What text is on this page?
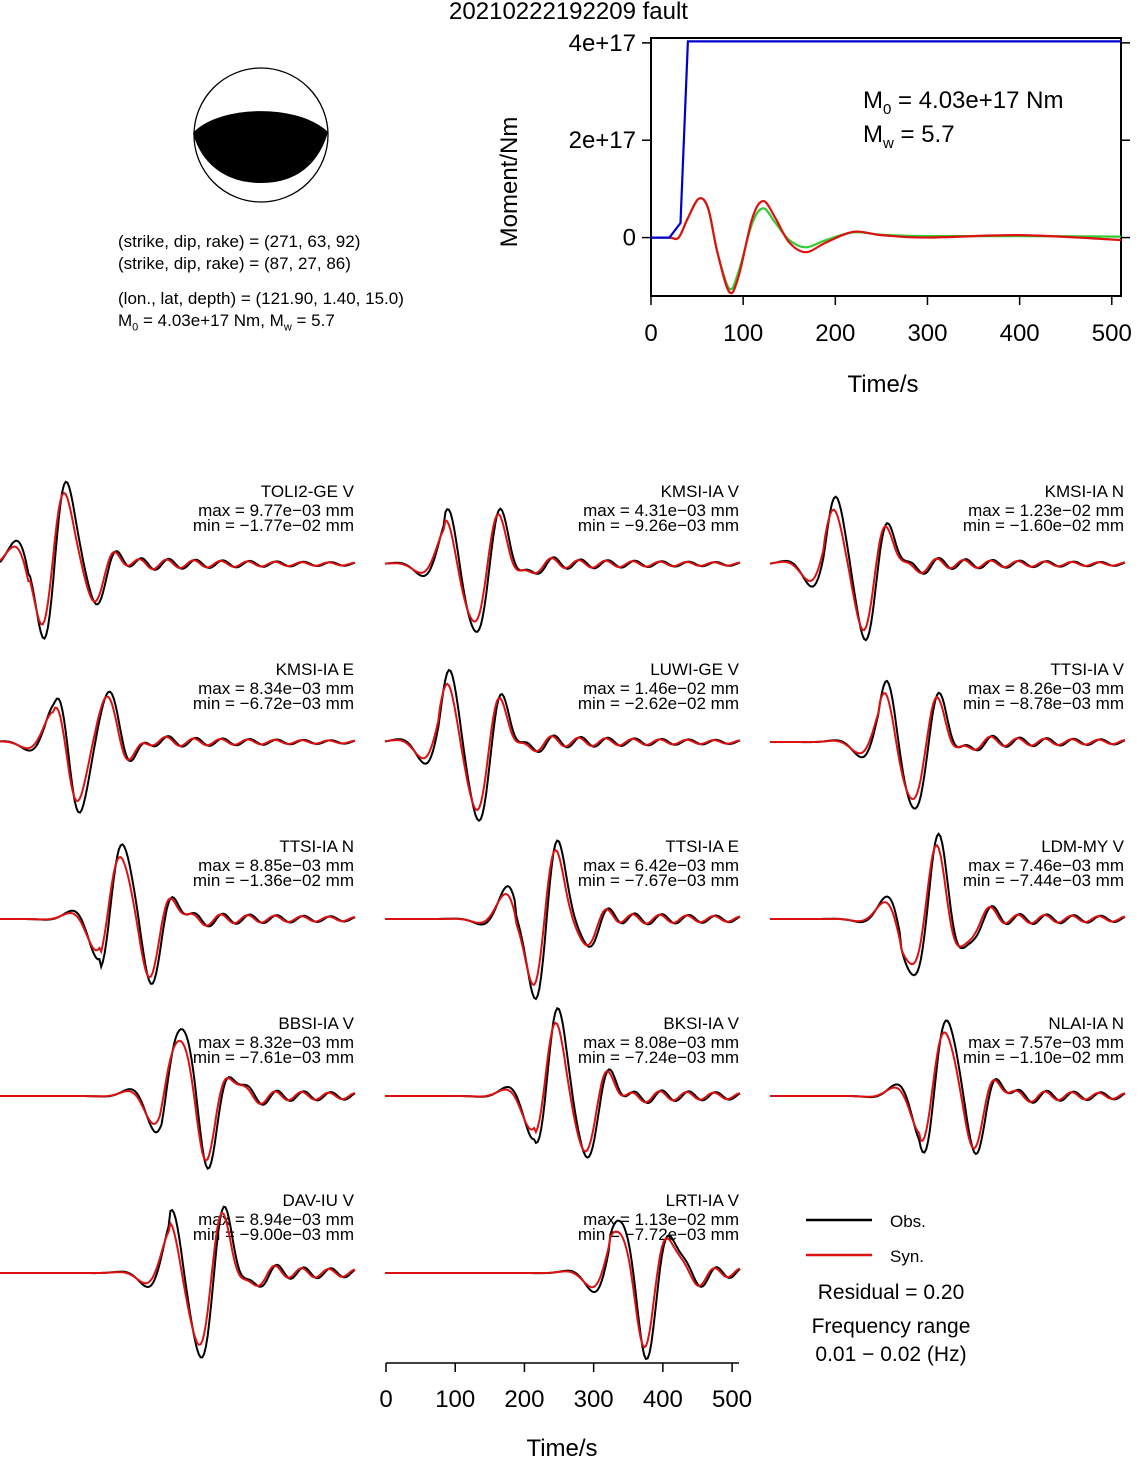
20210222192209 fault
(strike, dip, rake) = (271, 63, 92)
(strike, dip, rake) = (87, 27, 86)
(lon., lat, depth) = (121.90, 1.40, 15.0)
$M_0 = 4.03e+17$ Nm, $M_w = 5.7$	0	100 200 300 400 500
0
2e+17
4e+17
Time/s
Moment/Nm
$M_0 = 4.03e+17$ Nm
$M_w = 5.7$
TOLI2-GE V
max = 9.77e−03 mm
min = −1.77e−02 mm
KMSI-IA V
max = 4.31e−03 mm
min = −9.26e−03 mm
KMSI-IA N
max = 1.23e−02 mm
min = −1.60e−02 mm
KMSI-IA E
max = 8.34e−03 mm
min = −6.72e−03 mm
LUWI-GE V
max = 1.46e−02 mm
min = −2.62e−02 mm
TTSI-IA V
max = 8.26e−03 mm
min = −8.78e−03 mm
TTSI-IA N
max = 8.85e−03 mm
min = −1.36e−02 mm
TTSI-IA E
max = 6.42e−03 mm
min = −7.67e−03 mm
LDM-MY V
max = 7.46e−03 mm
min = −7.44e−03 mm
BBSI-IA V
max = 8.32e−03 mm
min = −7.61e−03 mm
BKSI-IA V
max = 8.08e−03 mm
min = −7.24e−03 mm
NLAI-IA N
max = 7.57e−03 mm
min = −1.10e−02 mm
DAV-IU V
max = 8.94e−03 mm
min = −9.00e−03 mm
LRTI-IA V
max = 1.13e−02 mm
min = −7.72e−03 mm
0 100 200 300 400 500
Time/s
Obs.
Syn.
Residual = 0.20
Frequency range
0.01 − 0.02 (Hz)
